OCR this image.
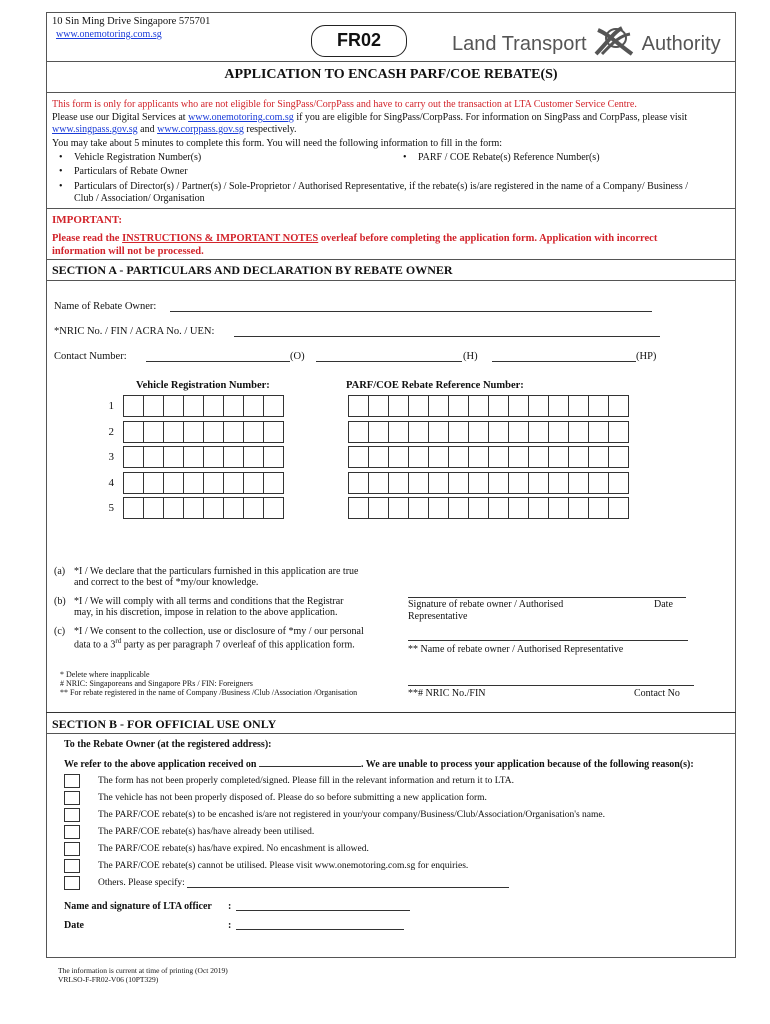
10 Sin Ming Drive Singapore 575701
www.onemotoring.com.sg	FR02	Land Transport	Authority
APPLICATION TO ENCASH PARF/COE REBATE(S)
This form is only for applicants who are not eligible for SingPass/CorpPass and have to carry out the transaction at LTA Customer Service Centre.
Please use our Digital Services at www.onemotoring.com.sg if you are eligible for SingPass/CorpPass. For information on SingPass and CorpPass, please visit
www.singpass.gov.sg and www.corppass.gov.sg respectively.
You may take about 5 minutes to complete this form. You will need the following information to fill in the form:
• Vehicle Registration Number(s)
•	PARF / COE Rebate(s) Reference Number(s)
• Particulars of Rebate Owner
• Particulars of Director(s) / Partner(s) / Sole-Proprietor / Authorised Representative, if the rebate(s) is/are registered in the name of a Company/ Business /
Club / Association/ Organisation
IMPORTANT:
Please read the INSTRUCTIONS & IMPORTANT NOTES overleaf before completing the application form. Application with incorrect
information will not be processed.
SECTION A - PARTICULARS AND DECLARATION BY REBATE OWNER
Name of Rebate Owner:
*NRIC No. / FIN / ACRA No. / UEN:
Contact Number:	(O)	(H)	(HP)
Vehicle Registration Number:	PARF/COE Rebate Reference Number:
1
2
3
4
5
(a) *I / We declare that the particulars furnished in this application are true
and correct to the best of *my/our knowledge.
(b) *I / We will comply with all terms and conditions that the Registrar
may, in his discretion, impose in relation to the above application.
(c) *I / We consent to the collection, use or disclosure of *my / our personal
data to a 3rd party as per paragraph 7 overleaf of this application form.
Signature of rebate owner / Authorised
Representative
Date
** Name of rebate owner / Authorised Representative
**# NRIC No./FIN	Contact No
* Delete where inapplicable
# NRIC: Singaporeans and Singapore PRs / FIN: Foreigners
** For rebate registered in the name of Company /Business /Club /Association /Organisation
SECTION B - FOR OFFICIAL USE ONLY
To the Rebate Owner (at the registered address):
We refer to the above application received on	. We are unable to process your application because of the following reason(s):
The form has not been properly completed/signed. Please fill in the relevant information and return it to LTA.
The vehicle has not been properly disposed of. Please do so before submitting a new application form.
The PARF/COE rebate(s) to be encashed is/are not registered in your/your company/Business/Club/Association/Organisation's name.
The PARF/COE rebate(s) has/have already been utilised.
The PARF/COE rebate(s) has/have expired. No encashment is allowed.
The PARF/COE rebate(s) cannot be utilised. Please visit www.onemotoring.com.sg for enquiries.
Others. Please specify:
Name and signature of LTA officer :
Date	:
The information is current at time of printing (Oct 2019)
VRLSO-F-FR02-V06 (10PT329)
